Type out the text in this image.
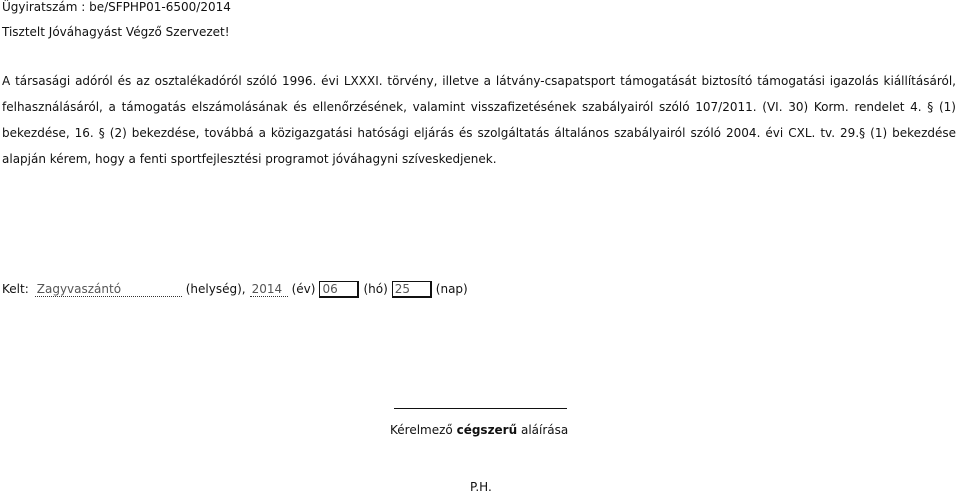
Ügyiratszám : be/SFPHP01-6500/2014
Tisztelt Jóváhagyást Végző Szervezet!
A társasági adóról és az osztalékadóról szóló 1996. évi LXXXI. törvény, illetve a látvány-csapatsport támogatását biztosító támogatási igazolás kiállításáról,
felhasználásáról, a támogatás elszámolásának és ellenőrzésének, valamint visszafizetésének szabályairól szóló 107/2011. (VI. 30) Korm. rendelet 4. § (1)
bekezdése, 16. § (2) bekezdése, továbbá a közigazgatási hatósági eljárás és szolgáltatás általános szabályairól szóló 2004. évi CXL. tv. 29.§ (1) bekezdése
alapján kérem, hogy a fenti sportfejlesztési programot jóváhagyni szíveskedjenek.
Kelt: Zagyvaszántó	(helység), 2014 (év) 06	(hó) 25	(nap)
Kérelmező cégszerű aláírása
P.H.
